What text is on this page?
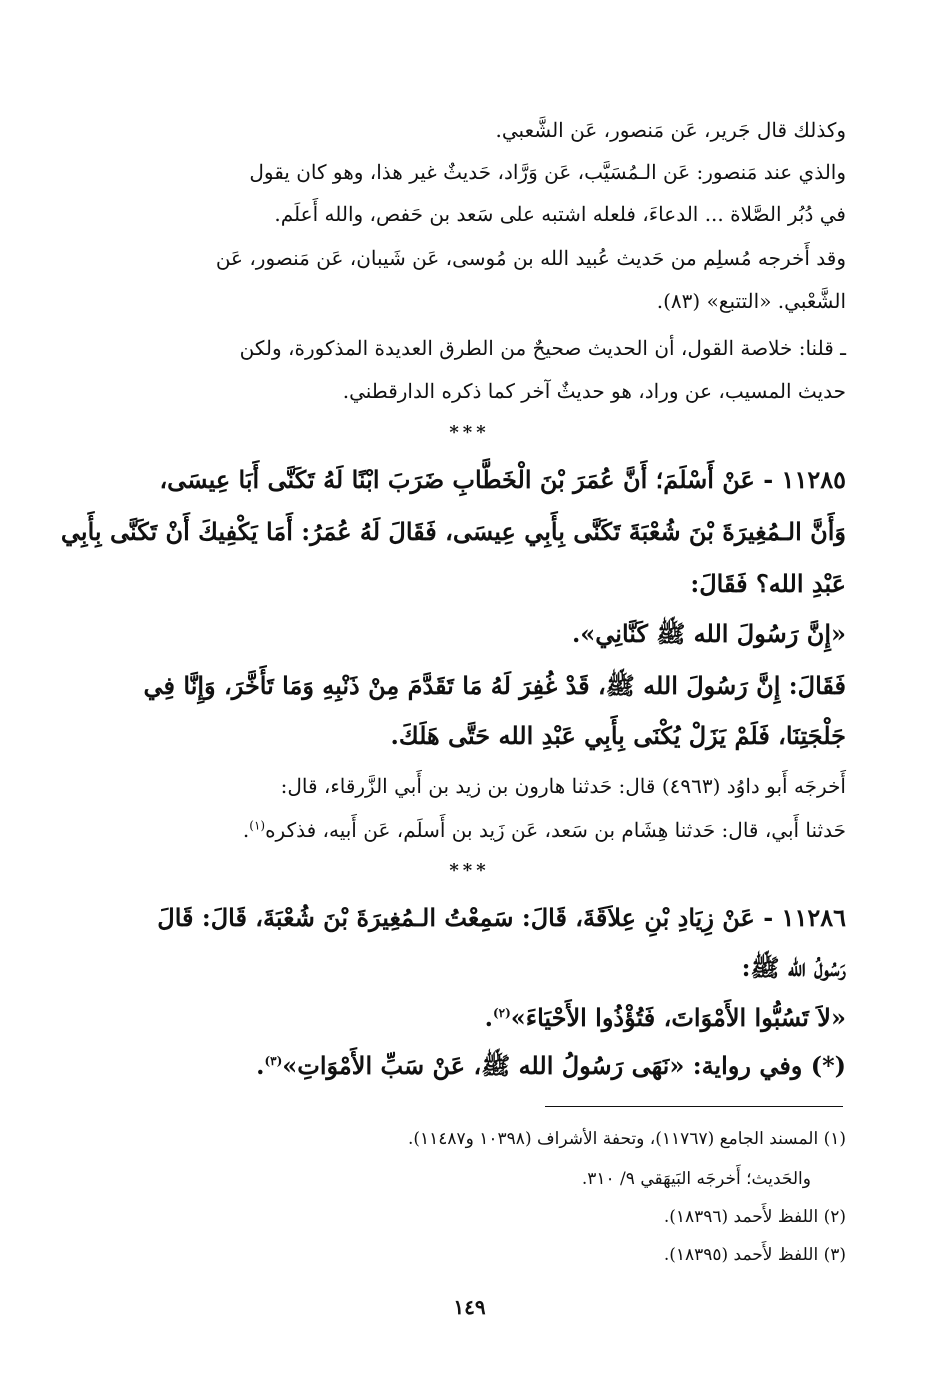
وكذلك قال جَرير، عَن مَنصور، عَن الشَّعبي.
والذي عند مَنصور: عَن الـمُسَيَّب، عَن وَرَّاد، حَديثٌ غير هذا، وهو كان يقول
في دُبُر الصَّلاة ... الدعاءَ، فلعله اشتبه على سَعد بن حَفص، والله أَعلَم.
وقد أَخرجه مُسلِم من حَديث عُبيد الله بن مُوسى، عَن شَيبان، عَن مَنصور، عَن
الشَّعْبي. «التتبع» (٨٣).
ـ قلنا: خلاصة القول، أن الحديث صحيحٌ من الطرق العديدة المذكورة، ولكن
حديث المسيب، عن وراد، هو حديثٌ آخر كما ذكره الدارقطني.
***
١١٢٨٥ - عَنْ أَسْلَمَ؛ أَنَّ عُمَرَ بْنَ الْخَطَّابِ ضَرَبَ ابْنًا لَهُ تَكَنَّى أَبَا عِيسَى،
وَأَنَّ الـمُغِيرَةَ بْنَ شُعْبَةَ تَكَنَّى بِأَبِي عِيسَى، فَقَالَ لَهُ عُمَرُ: أَمَا يَكْفِيكَ أَنْ تَكَنَّى بِأَبِي
عَبْدِ الله؟ فَقَالَ:
«إِنَّ رَسُولَ الله ﷺ كَنَّانِي».
فَقَالَ: إِنَّ رَسُولَ الله ﷺ، قَدْ غُفِرَ لَهُ مَا تَقَدَّمَ مِنْ ذَنْبِهِ وَمَا تَأَخَّرَ، وَإِنَّا فِي
جَلْجَتِنَا، فَلَمْ يَزَلْ يُكْنَى بِأَبِي عَبْدِ الله حَتَّى هَلَكَ.
أَخرجَه أَبو داوُد (٤٩٦٣) قال: حَدثنا هارون بن زيد بن أَبي الزَّرقاء، قال:
حَدثنا أَبي، قال: حَدثنا هِشَام بن سَعد، عَن زَيد بن أَسلَم، عَن أَبيه، فذكره$^{(١)}$.
***
١١٢٨٦ - عَنْ زِيَادِ بْنِ عِلاَقَةَ، قَالَ: سَمِعْتُ الـمُغِيرَةَ بْنَ شُعْبَةَ، قَالَ: قَالَ
رَسُولُ الله ﷺ:
«لاَ تَسُبُّوا الأَمْوَاتَ، فَتُؤْذُوا الأَحْيَاءَ»$^{(٢)}$.
(*) وفي رواية: «نَهَى رَسُولُ الله ﷺ، عَنْ سَبِّ الأَمْوَاتِ»$^{(٣)}$.
(١) المسند الجامع (١١٧٦٧)، وتحفة الأشراف (١٠٣٩٨ و١١٤٨٧).
والحَديث؛ أَخرجَه البَيهَقي ٩/ ٣١٠.
(٢) اللفظ لأَحمد (١٨٣٩٦).
(٣) اللفظ لأَحمد (١٨٣٩٥).
١٤٩
